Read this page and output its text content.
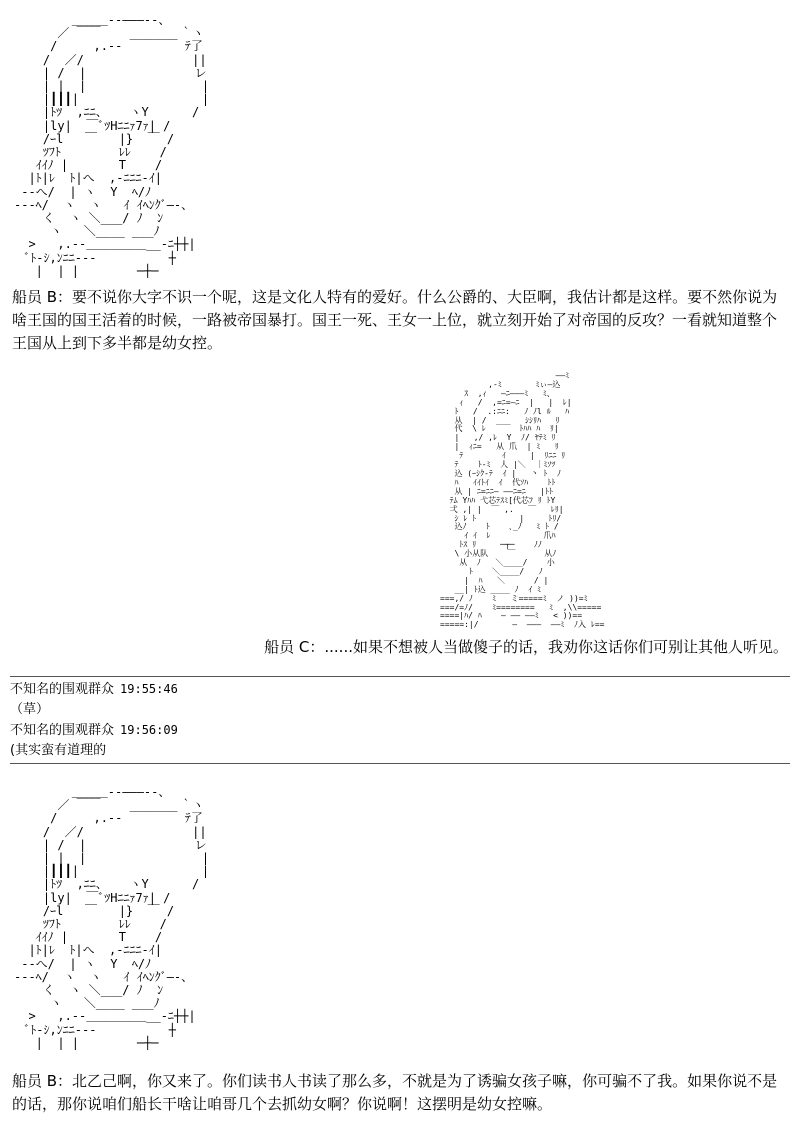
＿＿＿--―――‐-、
／ ￣￣           ｀ヽ
/     ,.-‐ ￣￣￣￣ ﾃ了
/  ／/               ||
| /  |               レ
| |  |                |
|┃┃┃|                 |
|ﾄﾂ  ,ﾆﾆ、   ヽY      /
|ly|  ￣ﾞﾂHﾆﾆｧ7ｧ| /
/ｰl   ￣   |}  ￣ /
ﾂﾌﾄ        ﾚﾚ    /
ｲｲﾉ |       T    /
|ﾄ|ﾚ  ﾄ|へ  ,-ﾆﾆﾆ-ｲ|
-‐へ/  | ヽ  Y  ﾍ/ﾉ
--‐ﾍ/  ヽ  ヽ   ｲ ｲﾍﾝｸﾞ―-、
く  ヽ ＼___/ ﾉ  ﾝ
ヽ   ＼____ ___ﾉ
>   ,.-‐＿＿＿＿＿__-ﾆ┼┼|
ﾞﾄ-ｼ,ﾝﾆﾆ--‐          ┼
|  | |        ─┼─
船员 B：要不说你大字不识一个呢，这是文化人特有的爱好。什么公爵的、大臣啊，我估计都是这样。要不然你说为啥王国的国王活着的时候，一路被帝国暴打。国王一死、王女一上位，就立刻开始了对帝国的反攻？一看就知道整个王国从上到下多半都是幼女控。
――ﾐ
,-ﾐ       ﾐぃ―込
ｽ  ,ｨ   ―ﾆ―――ﾐ   ﾐ、
ｨ   /  ,=ﾆ=―ﾆ  |   |  ﾚ|
ﾄ   /  .:ﾆﾆ:   ﾉ ﾉl ﾙ   ﾊ
从  | /  ___   ｼｼﾘﾊ   ﾘ
代  \ ﾚ       ﾄﾊﾊ ﾊ  ﾘ|
|   ,/ ,ﾚ  Y  ﾉ/ ﾔﾃﾐ ﾘ
|  ｨﾆ=   从 爪  | ﾐ   ﾘ
ﾃ        ｲ     |  ﾘﾆﾆ ﾘ
ﾃ    ﾄ-ﾐ  人 |＼  ｜ﾐｿﾂ
込 (ｰｼｸ-ﾃ  ｲ |   丶 ﾄ  ﾉ
ﾊ   ｲｲﾄｲ  ｲ  代ｿﾊ    ﾄﾄ
从 | ﾆ=ﾆﾆ― ――ﾆ=ﾆ   |ﾄﾄ
ﾃﾑ Yﾊﾊ 弋芯ﾃｽﾐ[代芯ﾌ ﾘ ﾄY
弌 ,| |  ￣ ,.   ￣   ﾚﾘ|
ｼ ﾚ ﾄ         |     ﾄﾘ/
込ﾉ    ﾄ    ､_ﾉ   ﾐ ﾄ /
ｲ ｲ  ﾚ           爪ﾊ
ﾄｽ ﾘ     ─┬─    ﾉﾉ
\ 小从队    ￣      从ﾉ
从  ﾉ   ＼____/    小
ﾄ    ＼____/   ﾉ
|  ﾊ   ＼      / |
__| ﾄ込 ____ ﾉ  ｲ ﾐ
===,/ ﾉ    ﾐ   ミ=====ﾐ  ノ ))=ﾐ
===/=ﾉ/    ﾐ========   ﾐ  ,\\=====
====|ﾊ/ ﾊ    ― ―― ――ﾐ   < ))==
=====:|/       ―  ―――  ――ﾐ  ﾉ入 ﾚ==
船员 C：......如果不想被人当做傻子的话，我劝你这话你们可别让其他人听见。
不知名的围观群众 19:55:46
（草）
不知名的围观群众 19:56:09
(其实蛮有道理的
＿＿＿--―――‐-、
／ ￣￣           ｀ヽ
/     ,.-‐ ￣￣￣￣ ﾃ了
/  ／/               ||
| /  |               レ
| |  |                |
|┃┃┃|                 |
|ﾄﾂ  ,ﾆﾆ、   ヽY      /
|ly|  ￣ﾞﾂHﾆﾆｧ7ｧ| /
/ｰl   ￣   |}  ￣ /
ﾂﾌﾄ        ﾚﾚ    /
ｲｲﾉ |       T    /
|ﾄ|ﾚ  ﾄ|へ  ,-ﾆﾆﾆ-ｲ|
-‐へ/  | ヽ  Y  ﾍ/ﾉ
--‐ﾍ/  ヽ  ヽ   ｲ ｲﾍﾝｸﾞ―-、
く  ヽ ＼___/ ﾉ  ﾝ
ヽ   ＼____ ___ﾉ
>   ,.-‐＿＿＿＿＿__-ﾆ┼┼|
ﾞﾄ-ｼ,ﾝﾆﾆ--‐          ┼
|  | |        ─┼─
船员 B：北乙己啊，你又来了。你们读书人书读了那么多，不就是为了诱骗女孩子嘛，你可骗不了我。如果你说不是的话，那你说咱们船长干啥让咱哥几个去抓幼女啊？你说啊！这摆明是幼女控嘛。
